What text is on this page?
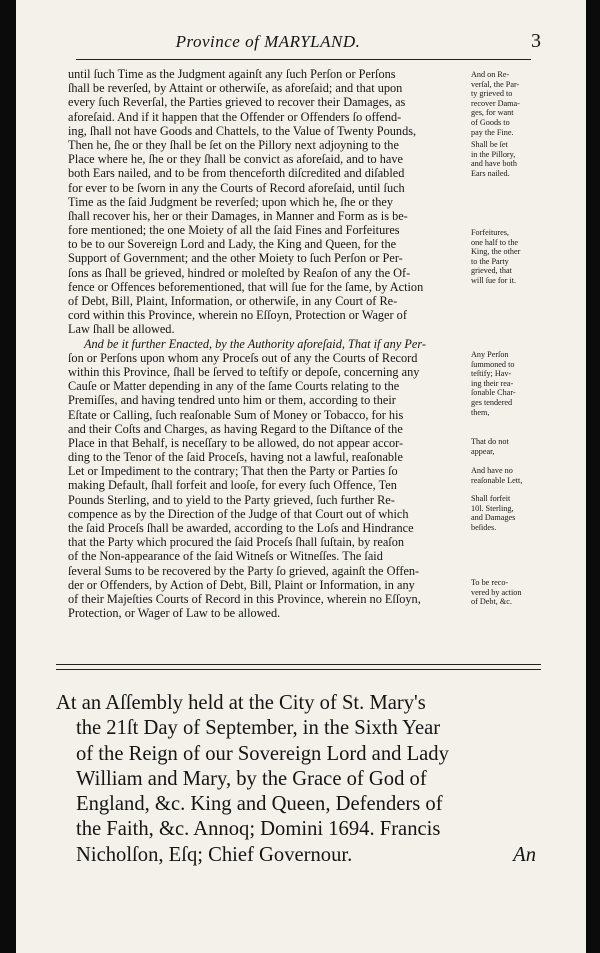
Province of MARYLAND.	3
until ſuch Time as the Judgment againſt any ſuch Perſon or Perſons
ſhall be reverſed, by Attaint or otherwiſe, as aforeſaid; and that upon
every ſuch Reverſal, the Parties grieved to recover their Damages, as
aforeſaid. And if it happen that the Offender or Offenders ſo offend-
ing, ſhall not have Goods and Chattels, to the Value of Twenty Pounds,
Then he, ſhe or they ſhall be ſet on the Pillory next adjoyning to the
Place where he, ſhe or they ſhall be convict as aforeſaid, and to have
both Ears nailed, and to be from thenceforth diſcredited and diſabled
for ever to be ſworn in any the Courts of Record aforeſaid, until ſuch
Time as the ſaid Judgment be reverſed; upon which he, ſhe or they
ſhall recover his, her or their Damages, in Manner and Form as is be-
fore mentioned; the one Moiety of all the ſaid Fines and Forfeitures
to be to our Sovereign Lord and Lady, the King and Queen, for the
Support of Government; and the other Moiety to ſuch Perſon or Per-
ſons as ſhall be grieved, hindred or moleſted by Reaſon of any the Of-
fence or Offences beforementioned, that will ſue for the ſame, by Action
of Debt, Bill, Plaint, Information, or otherwiſe, in any Court of Re-
cord within this Province, wherein no Eſſoyn, Protection or Wager of
Law ſhall be allowed.
And be it further Enacted, by the Authority aforeſaid, That if any Per-
ſon or Perſons upon whom any Proceſs out of any the Courts of Record
within this Province, ſhall be ſerved to teſtify or depoſe, concerning any
Cauſe or Matter depending in any of the ſame Courts relating to the
Premiſſes, and having tendred unto him or them, according to their
Eſtate or Calling, ſuch reaſonable Sum of Money or Tobacco, for his
and their Coſts and Charges, as having Regard to the Diſtance of the
Place in that Behalf, is neceſſary to be allowed, do not appear accor-
ding to the Tenor of the ſaid Proceſs, having not a lawful, reaſonable
Let or Impediment to the contrary; That then the Party or Parties ſo
making Default, ſhall forfeit and looſe, for every ſuch Offence, Ten
Pounds Sterling, and to yield to the Party grieved, ſuch further Re-
compence as by the Direction of the Judge of that Court out of which
the ſaid Proceſs ſhall be awarded, according to the Loſs and Hindrance
that the Party which procured the ſaid Proceſs ſhall ſuſtain, by reaſon
of the Non-appearance of the ſaid Witneſs or Witneſſes. The ſaid
ſeveral Sums to be recovered by the Party ſo grieved, againſt the Offen-
der or Offenders, by Action of Debt, Bill, Plaint or Information, in any
of their Majeſties Courts of Record in this Province, wherein no Eſſoyn,
Protection, or Wager of Law to be allowed.
And on Re-
verſal, the Par-
ty grieved to
recover Dama-
ges, for want
of Goods to
pay the Fine.
Shall be ſet
in the Pillory,
and have both
Ears nailed.
Forfeitures,
one half to the
King, the other
to the Party
grieved, that
will ſue for it.
Any Perſon
ſummoned to
teſtify; Hav-
ing their rea-
ſonable Char-
ges tendered
them,
That do not
appear,
And have no
reaſonable Lett,
Shall forfeit
10l. Sterling,
and Damages
beſides.
To be reco-
vered by action
of Debt, &c.
At an Aſſembly held at the City of St. Mary's
the 21ſt Day of September, in the Sixth Year
of the Reign of our Sovereign Lord and Lady
William and Mary, by the Grace of God of
England, &c. King and Queen, Defenders of
the Faith, &c. Annoq; Domini 1694. Francis
Nicholſon, Eſq; Chief Governour.	An
